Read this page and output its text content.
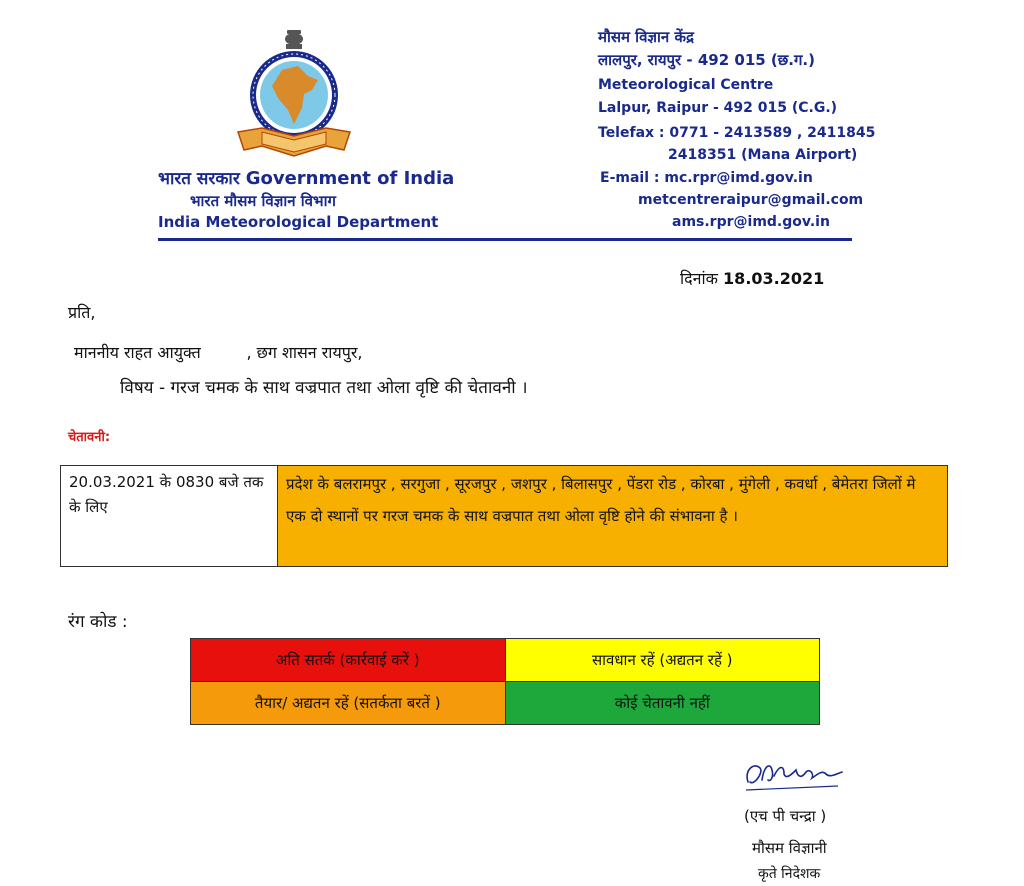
भारत सरकार Government of India
भारत मौसम विज्ञान विभाग
India Meteorological Department
मौसम विज्ञान केंद्र
लालपुर, रायपुर - 492 015 (छ.ग.)
Meteorological Centre
Lalpur, Raipur - 492 015 (C.G.)
Telefax : 0771 - 2413589 , 2411845
2418351 (Mana Airport)
E-mail : mc.rpr@imd.gov.in
metcentreraipur@gmail.com
ams.rpr@imd.gov.in
दिनांक 18.03.2021
प्रति,
माननीय राहत आयुक्त         , छग शासन रायपुर,
विषय - गरज चमक के साथ वज्रपात तथा ओला वृष्टि की चेतावनी ।
चेतावनी:
20.03.2021 के 0830 बजे तक के लिए	प्रदेश के बलरामपुर , सरगुजा , सूरजपुर , जशपुर , बिलासपुर , पेंडरा रोड , कोरबा , मुंगेली , कवर्धा , बेमेतरा जिलों मे एक दो स्थानों पर गरज चमक के साथ वज्रपात तथा ओला वृष्टि होने की संभावना है ।
रंग कोड :
अति सतर्क (कार्रवाई करें )	सावधान रहें (अद्यतन रहें )
तैयार/ अद्यतन रहें (सतर्कता बरतें )	कोई चेतावनी नहीं
(एच पी चन्द्रा )
मौसम विज्ञानी
कृते निदेशक
